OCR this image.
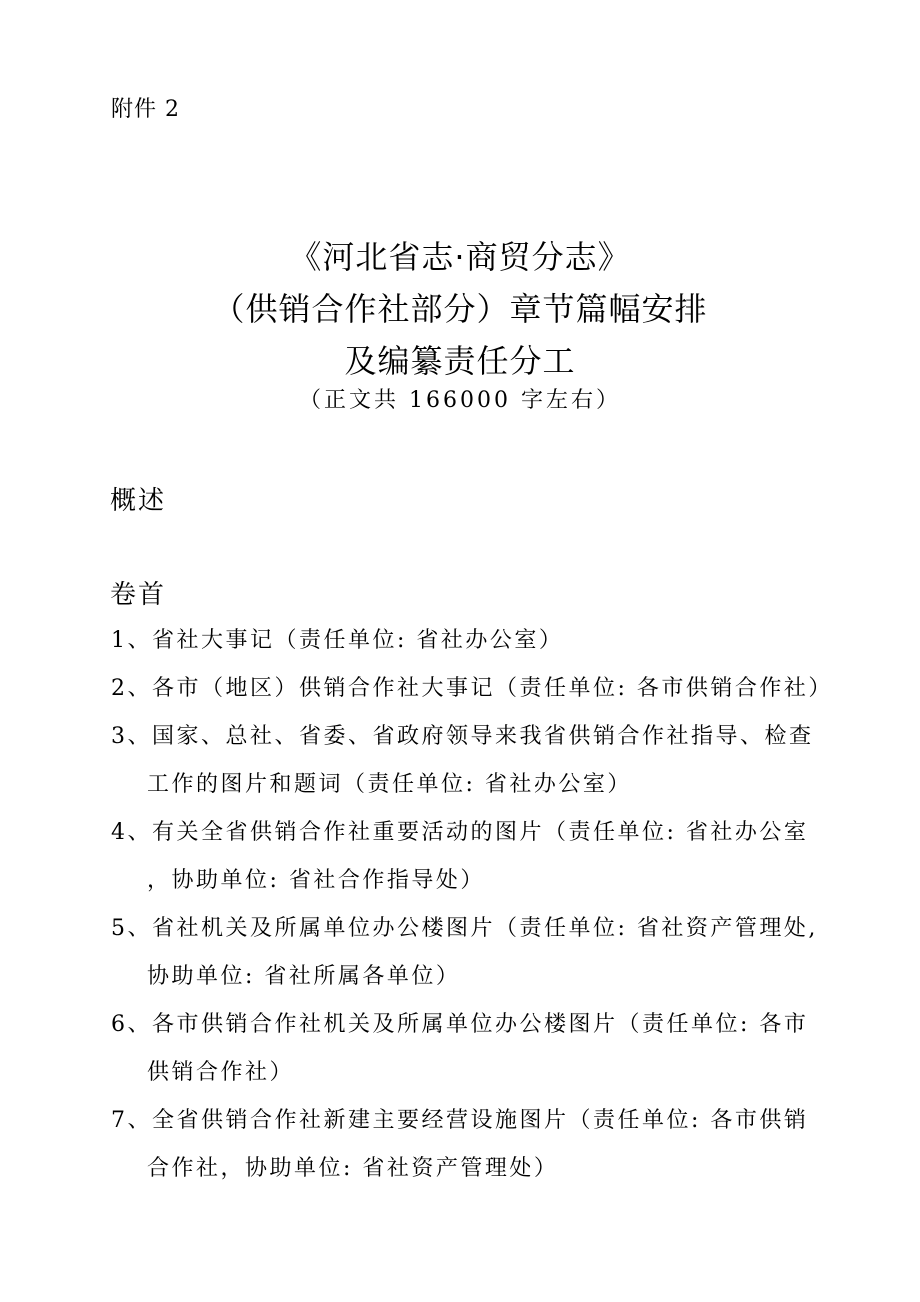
附件 2
《河北省志·商贸分志》
（供销合作社部分）章节篇幅安排
及编纂责任分工
（正文共 166000 字左右）
概述
卷首
1、省社大事记（责任单位: 省社办公室）
2、各市（地区）供销合作社大事记（责任单位: 各市供销合作社）
3、国家、总社、省委、省政府领导来我省供销合作社指导、检查
工作的图片和题词（责任单位: 省社办公室）
4、有关全省供销合作社重要活动的图片（责任单位: 省社办公室
，协助单位: 省社合作指导处）
5、省社机关及所属单位办公楼图片（责任单位: 省社资产管理处,
协助单位: 省社所属各单位）
6、各市供销合作社机关及所属单位办公楼图片（责任单位: 各市
供销合作社）
7、全省供销合作社新建主要经营设施图片（责任单位: 各市供销
合作社，协助单位: 省社资产管理处）
